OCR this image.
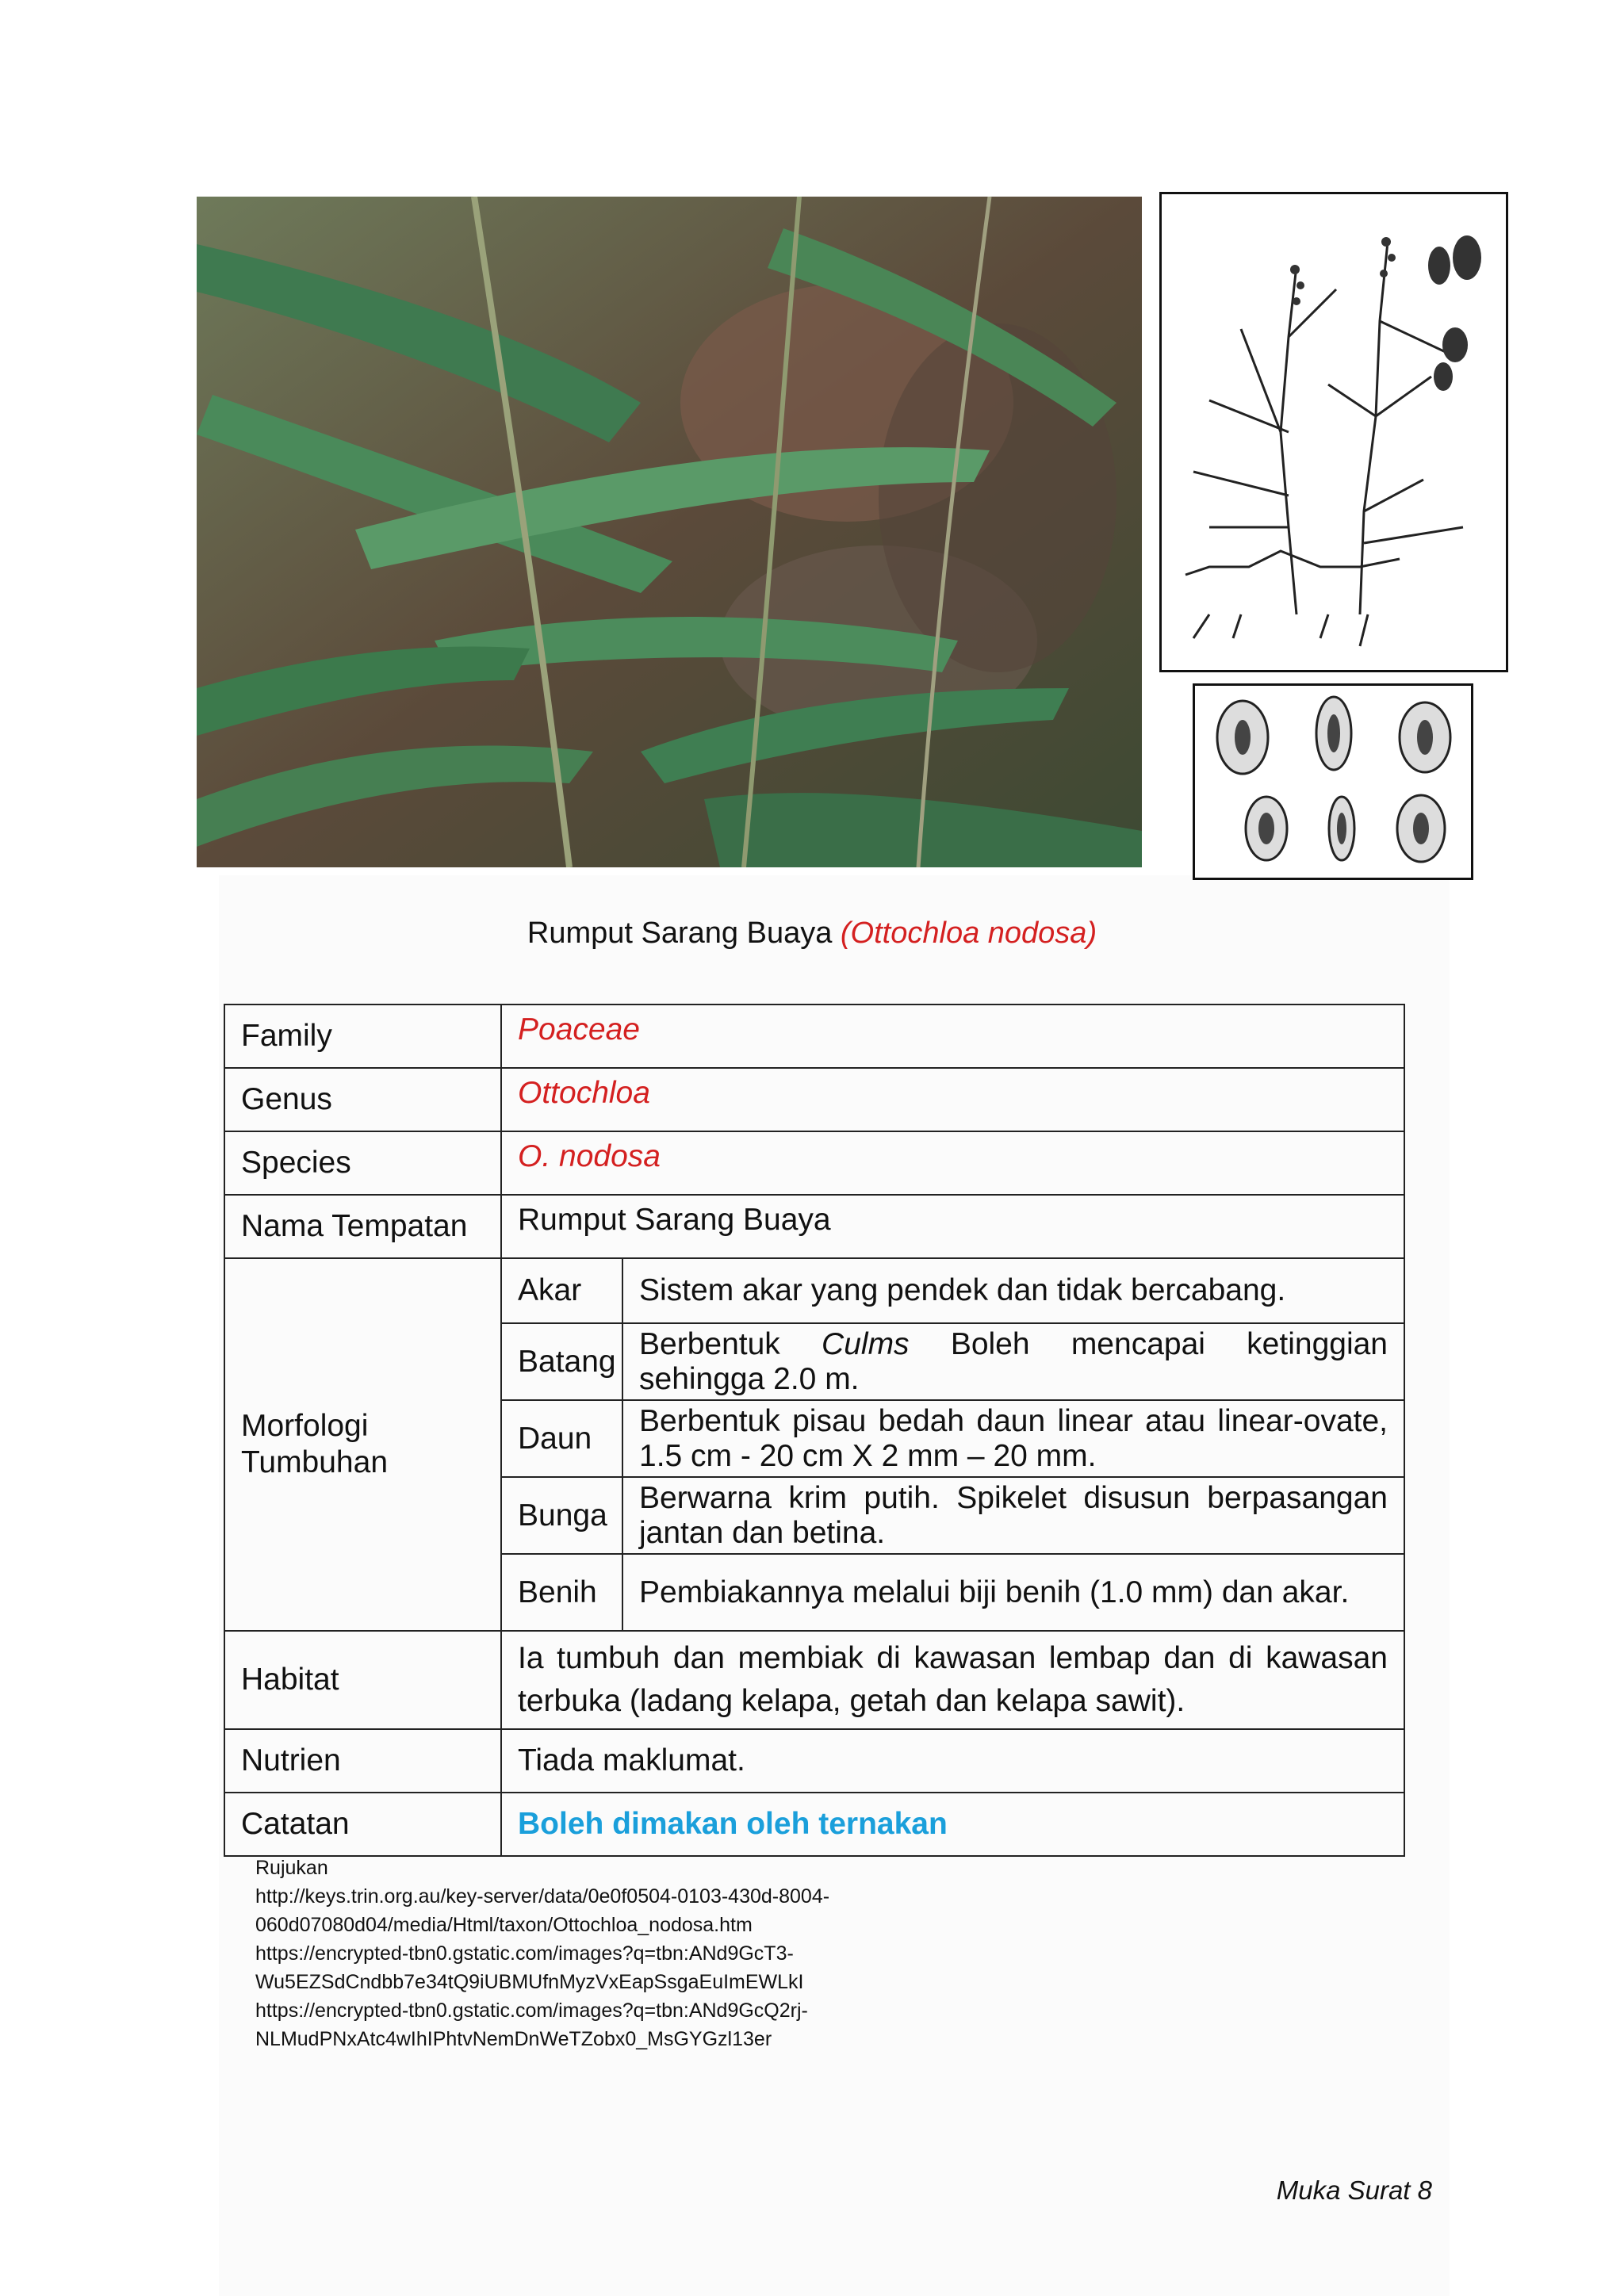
Rumput Sarang Buaya (Ottochloa nodosa)
Family	Poaceae	
Genus	Ottochloa	
Species	O. nodosa	
Nama Tempatan	Rumput Sarang Buaya	
Morfologi
Tumbuhan	Akar	Sistem akar yang pendek dan tidak bercabang.
	Batang	Berbentuk Culms Boleh mencapai ketinggian sehingga 2.0 m.
	Daun	Berbentuk pisau bedah daun linear atau linear-ovate, 1.5 cm - 20 cm X 2 mm – 20 mm.
	Bunga	Berwarna krim putih. Spikelet disusun berpasangan jantan dan betina.
	Benih	Pembiakannya melalui biji benih (1.0 mm) dan akar.
Habitat	Ia tumbuh dan membiak di kawasan lembap dan di kawasan terbuka (ladang kelapa, getah dan kelapa sawit).	
Nutrien	Tiada maklumat.	
Catatan	Boleh dimakan oleh ternakan	
Rujukan
http://keys.trin.org.au/key-server/data/0e0f0504-0103-430d-8004-
060d07080d04/media/Html/taxon/Ottochloa_nodosa.htm
https://encrypted-tbn0.gstatic.com/images?q=tbn:ANd9GcT3-
Wu5EZSdCndbb7e34tQ9iUBMUfnMyzVxEapSsgaEuImEWLkI
https://encrypted-tbn0.gstatic.com/images?q=tbn:ANd9GcQ2rj-
NLMudPNxAtc4wIhIPhtvNemDnWeTZobx0_MsGYGzl13er
Muka Surat 8
